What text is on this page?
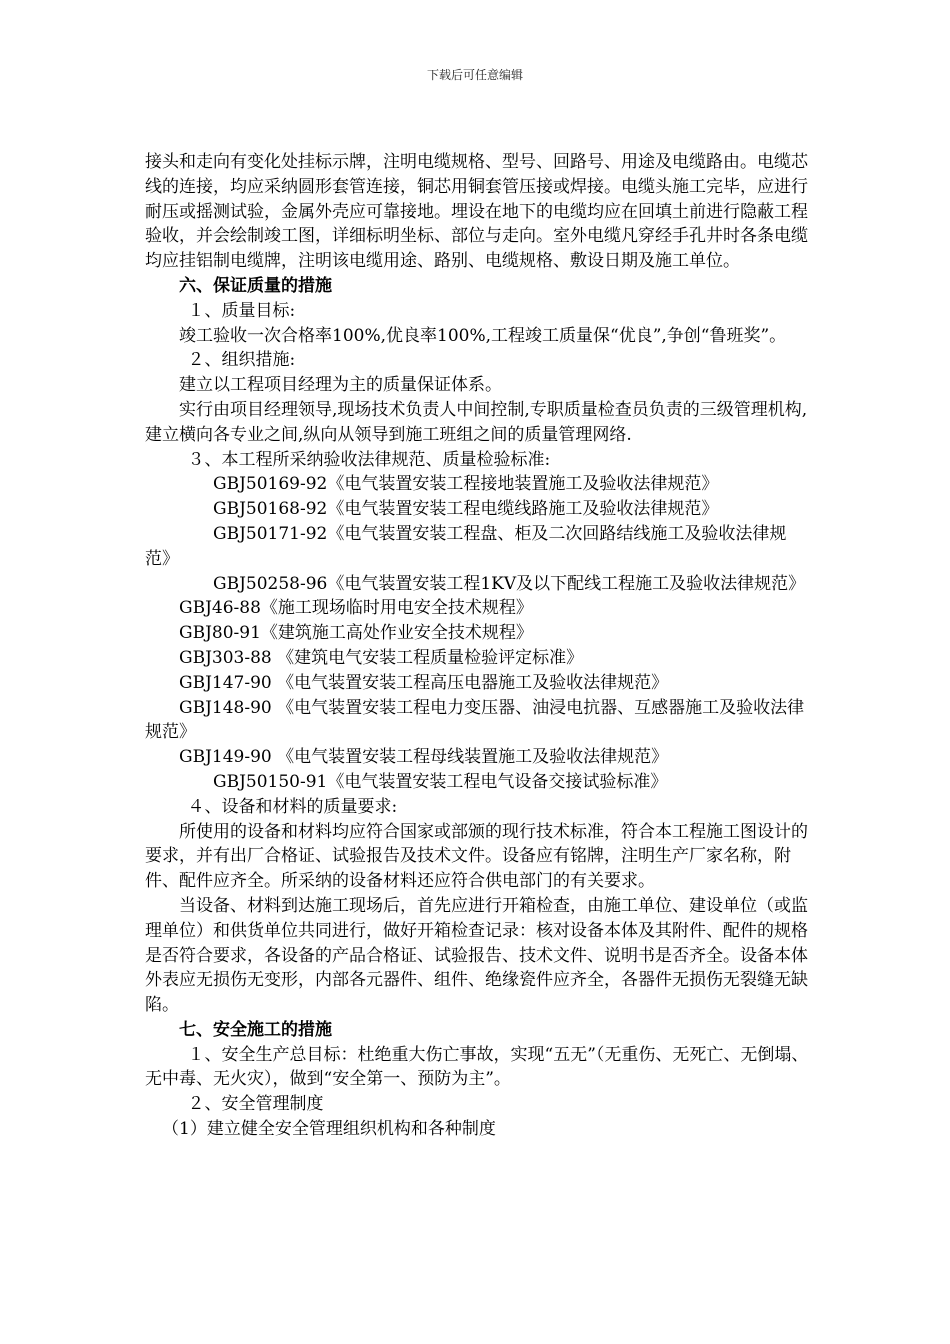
下载后可任意编辑

接头和走向有变化处挂标示牌，注明电缆规格、型号、回路号、用途及电缆路由。电缆芯线的连接，均应采纳圆形套管连接，铜芯用铜套管压接或焊接。电缆头施工完毕，应进行耐压或摇测试验，金属外壳应可靠接地。埋设在地下的电缆均应在回填土前进行隐蔽工程验收，并会绘制竣工图，详细标明坐标、部位与走向。室外电缆凡穿经手孔井时各条电缆均应挂铝制电缆牌，注明该电缆用途、路别、电缆规格、敷设日期及施工单位。

六、保证质量的措施

１、质量目标:

竣工验收一次合格率100%,优良率100%,工程竣工质量保“优良”,争创“鲁班奖”。

２、组织措施:

建立以工程项目经理为主的质量保证体系。

实行由项目经理领导,现场技术负责人中间控制,专职质量检查员负责的三级管理机构,建立横向各专业之间,纵向从领导到施工班组之间的质量管理网络.

３、本工程所采纳验收法律规范、质量检验标准:

GBJ50169-92《电气装置安装工程接地装置施工及验收法律规范》

GBJ50168-92《电气装置安装工程电缆线路施工及验收法律规范》

GBJ50171-92《电气装置安装工程盘、柜及二次回路结线施工及验收法律规范》

GBJ50258-96《电气装置安装工程1KV及以下配线工程施工及验收法律规范》

GBJ46-88《施工现场临时用电安全技术规程》

GBJ80-91《建筑施工高处作业安全技术规程》

GBJ303-88 《建筑电气安装工程质量检验评定标准》

GBJ147-90 《电气装置安装工程高压电器施工及验收法律规范》

GBJ148-90 《电气装置安装工程电力变压器、油浸电抗器、互感器施工及验收法律规范》

GBJ149-90 《电气装置安装工程母线装置施工及验收法律规范》

GBJ50150-91《电气装置安装工程电气设备交接试验标准》

４、设备和材料的质量要求:

所使用的设备和材料均应符合国家或部颁的现行技术标准，符合本工程施工图设计的要求，并有出厂合格证、试验报告及技术文件。设备应有铭牌，注明生产厂家名称，附件、配件应齐全。所采纳的设备材料还应符合供电部门的有关要求。

当设备、材料到达施工现场后，首先应进行开箱检查，由施工单位、建设单位（或监理单位）和供货单位共同进行，做好开箱检查记录：核对设备本体及其附件、配件的规格是否符合要求，各设备的产品合格证、试验报告、技术文件、说明书是否齐全。设备本体外表应无损伤无变形，内部各元器件、组件、绝缘瓷件应齐全，各器件无损伤无裂缝无缺陷。

七、安全施工的措施

１、安全生产总目标：杜绝重大伤亡事故，实现“五无”（无重伤、无死亡、无倒塌、无中毒、无火灾），做到“安全第一、预防为主”。

２、安全管理制度

（1）建立健全安全管理组织机构和各种制度
